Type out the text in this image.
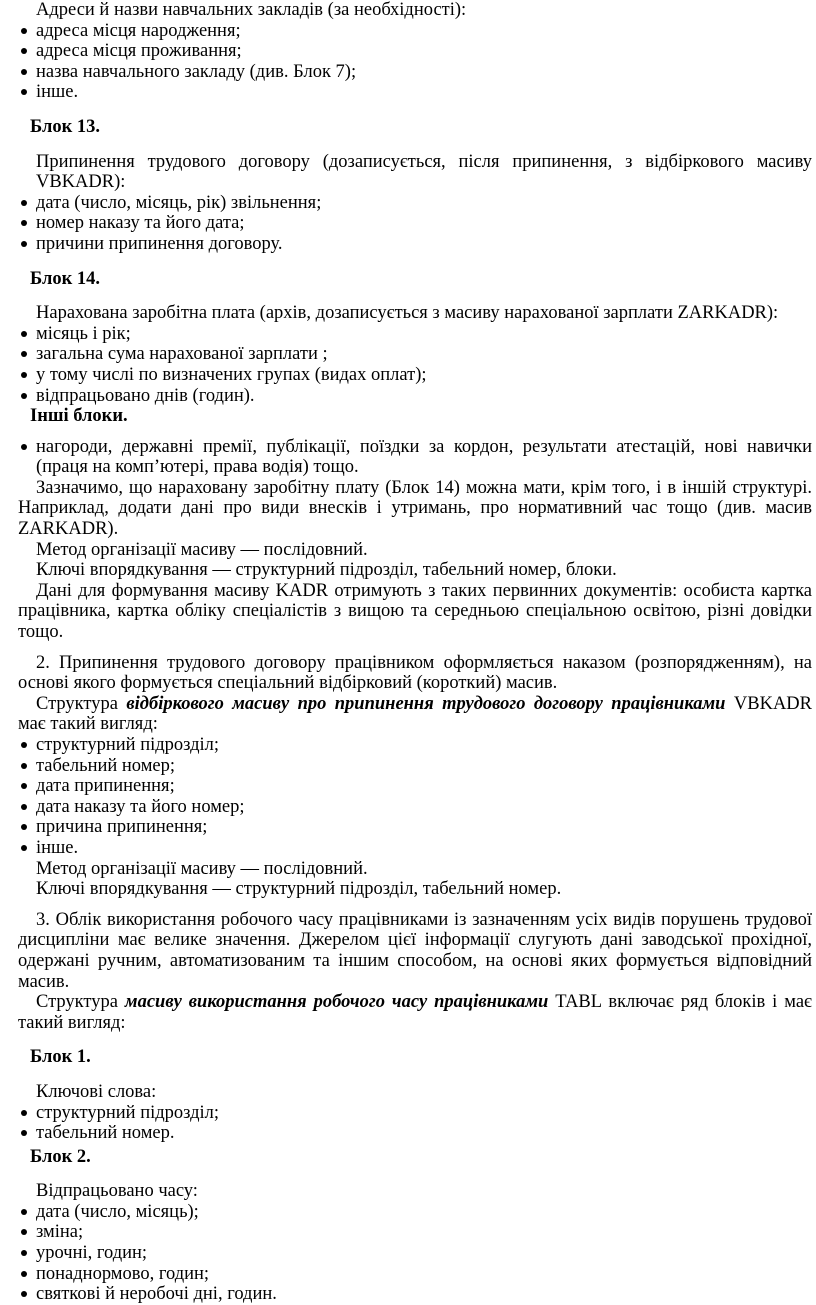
Адреси й назви навчальних закладів (за необхідності):

адреса місця народження;
адреса місця проживання;
назва навчального закладу (див. Блок 7);
інше.

Блок 13.

Припинення трудового договору (дозаписується, після припинення, з відбіркового масиву VBKADR):

дата (число, місяць, рік) звільнення;
номер наказу та його дата;
причини припинення договору.

Блок 14.

Нарахована заробітна плата (архів, дозаписується з масиву нарахованої зарплати ZARKADR):

місяць і рік;
загальна сума нарахованої зарплати ;
у тому числі по визначених групах (видах оплат);
відпрацьовано днів (годин).

Інші блоки.

нагороди, державні премії, публікації, поїздки за кордон, результати атестацій, нові навички (праця на комп’ютері, права водія) тощо.

Зазначимо, що нараховану заробітну плату (Блок 14) можна мати, крім того, і в іншій структурі. Наприклад, додати дані про види внесків і утримань, про нормативний час тощо (див. масив ZARKADR).

Метод організації масиву — послідовний.

Ключі впорядкування — структурний підрозділ, табельний номер, блоки.

Дані для формування масиву KADR отримують з таких первинних документів: особиста картка працівника, картка обліку спеціалістів з вищою та середньою спеціальною освітою, різні довідки тощо.

2. Припинення трудового договору працівником оформляється наказом (розпорядженням), на основі якого формується спеціальний відбірковий (короткий) масив.

Структура відбіркового масиву про припинення трудового договору працівниками VBKADR має такий вигляд:

структурний підрозділ;
табельний номер;
дата припинення;
дата наказу та його номер;
причина припинення;
інше.

Метод організації масиву — послідовний.

Ключі впорядкування — структурний підрозділ, табельний номер.

3. Облік використання робочого часу працівниками із зазначенням усіх видів порушень трудової дисципліни має велике значення. Джерелом цієї інформації слугують дані заводської прохідної, одержані ручним, автоматизованим та іншим способом, на основі яких формується відповідний масив.

Структура масиву використання робочого часу працівниками TABL включає ряд блоків і має такий вигляд:

Блок 1.

Ключові слова:

структурний підрозділ;
табельний номер.

Блок 2.

Відпрацьовано часу:

дата (число, місяць);
зміна;
урочні, годин;
понаднормово, годин;
святкові й неробочі дні, годин.
